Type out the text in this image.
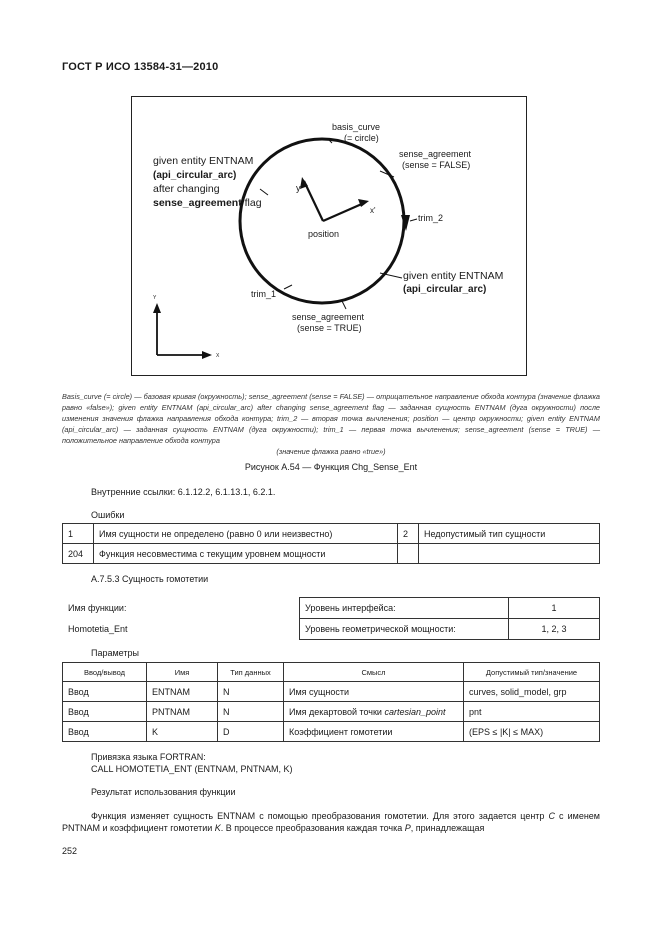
ГОСТ Р ИСО 13584-31—2010
basis_curve
(= circle)
sense_agreement
(sense = FALSE)
given entity ENTNAM
(api_circular_arc)
after changing
sense_agreement flag
y'
x'
position
trim_2
given entity ENTNAM
(api_circular_arc)
trim_1
sense_agreement
(sense = TRUE)
Y
X
Basis_curve (= circle) — базовая кривая (окружность); sense_agreement (sense = FALSE) — отрицательное направление обхода контура (значение флажка равно «false»); given entity ENTNAM (api_circular_arc) after changing sense_agreement flag — заданная сущность ENTNAM (дуга окружности) после изменения значения флажка направления обхода контура; trim_2 — вторая точка вычленения; position — центр окружности; given entity ENTNAM (api_circular_arc) — заданная сущность ENTNAM (дуга окружности); trim_1 — первая точка вычленения; sense_agreement (sense = TRUE) — положительное направление обхода контура
(значение флажка равно «true»)
Рисунок А.54 — Функция Chg_Sense_Ent
Внутренние ссылки: 6.1.12.2, 6.1.13.1, 6.2.1.
Ошибки
1	Имя сущности не определено (равно 0 или неизвестно)	2	Недопустимый тип сущности
204	Функция несовместима с текущим уровнем мощности		
А.7.5.3 Сущность гомотетии
Имя функции:
Homotetia_Ent
Уровень интерфейса:	1
Уровень геометрической мощности:	1, 2, 3
Параметры
Ввод/вывод	Имя	Тип данных	Смысл	Допустимый тип/значение
Ввод	ENTNAM	N	Имя сущности	curves, solid_model, grp
Ввод	PNTNAM	N	Имя декартовой точки cartesian_point	pnt
Ввод	K	D	Коэффициент гомотетии	(EPS ≤ |K| ≤ MAX)
Привязка языка FORTRAN:
CALL HOMOTETIA_ENT (ENTNAM, PNTNAM, K)
Результат использования функции
Функция изменяет сущность ENTNAM с помощью преобразования гомотетии. Для этого задается центр C с именем PNTNAM и коэффициент гомотетии K. В процессе преобразования каждая точка P, принадлежащая
252
